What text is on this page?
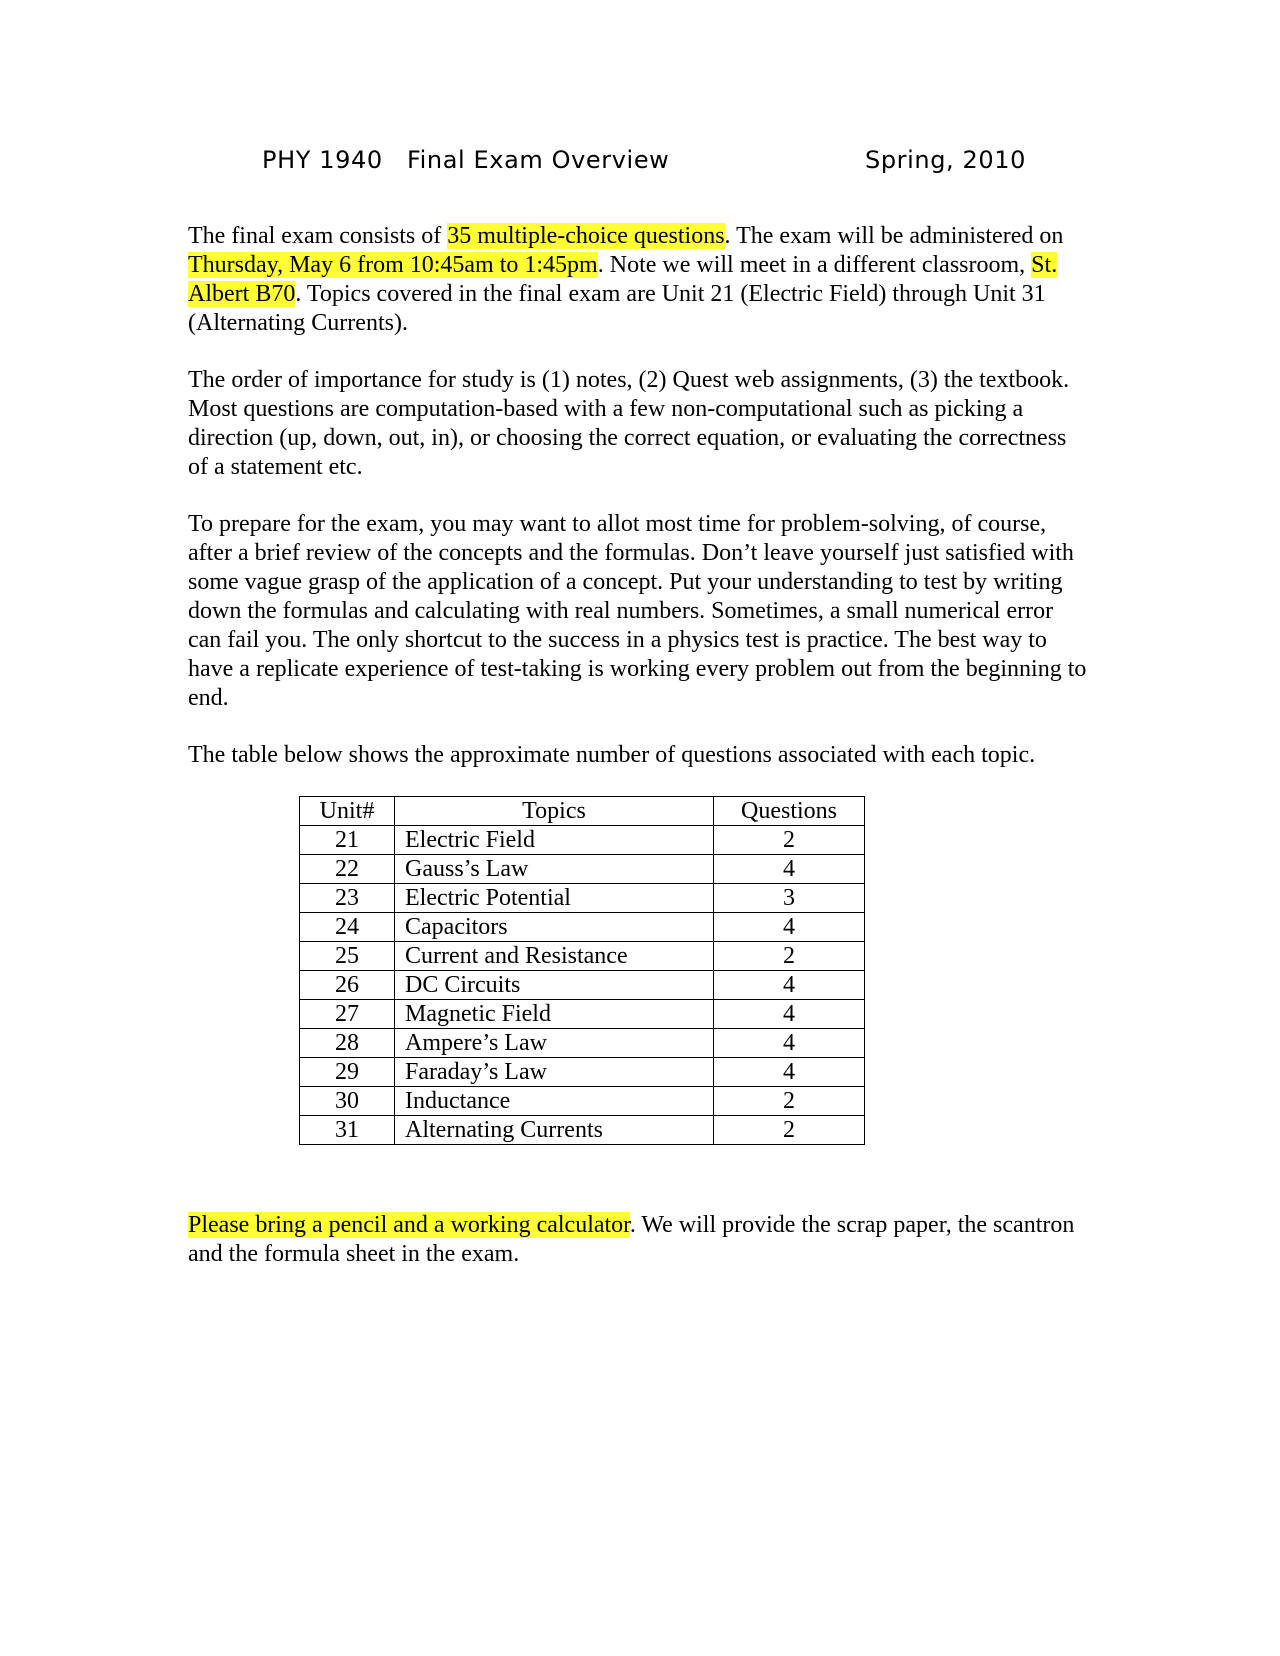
PHY 1940 Final Exam Overview	Spring, 2010
The final exam consists of 35 multiple-choice questions. The exam will be administered on Thursday, May 6 from 10:45am to 1:45pm. Note we will meet in a different classroom, St. Albert B70. Topics covered in the final exam are Unit 21 (Electric Field) through Unit 31 (Alternating Currents).
The order of importance for study is (1) notes, (2) Quest web assignments, (3) the textbook. Most questions are computation-based with a few non-computational such as picking a direction (up, down, out, in), or choosing the correct equation, or evaluating the correctness of a statement etc.
To prepare for the exam, you may want to allot most time for problem-solving, of course, after a brief review of the concepts and the formulas. Don’t leave yourself just satisfied with some vague grasp of the application of a concept. Put your understanding to test by writing down the formulas and calculating with real numbers. Sometimes, a small numerical error can fail you. The only shortcut to the success in a physics test is practice. The best way to have a replicate experience of test-taking is working every problem out from the beginning to end.
The table below shows the approximate number of questions associated with each topic.
Unit#	Topics	Questions
21	Electric Field	2
22	Gauss’s Law	4
23	Electric Potential	3
24	Capacitors	4
25	Current and Resistance	2
26	DC Circuits	4
27	Magnetic Field	4
28	Ampere’s Law	4
29	Faraday’s Law	4
30	Inductance	2
31	Alternating Currents	2
Please bring a pencil and a working calculator. We will provide the scrap paper, the scantron and the formula sheet in the exam.
